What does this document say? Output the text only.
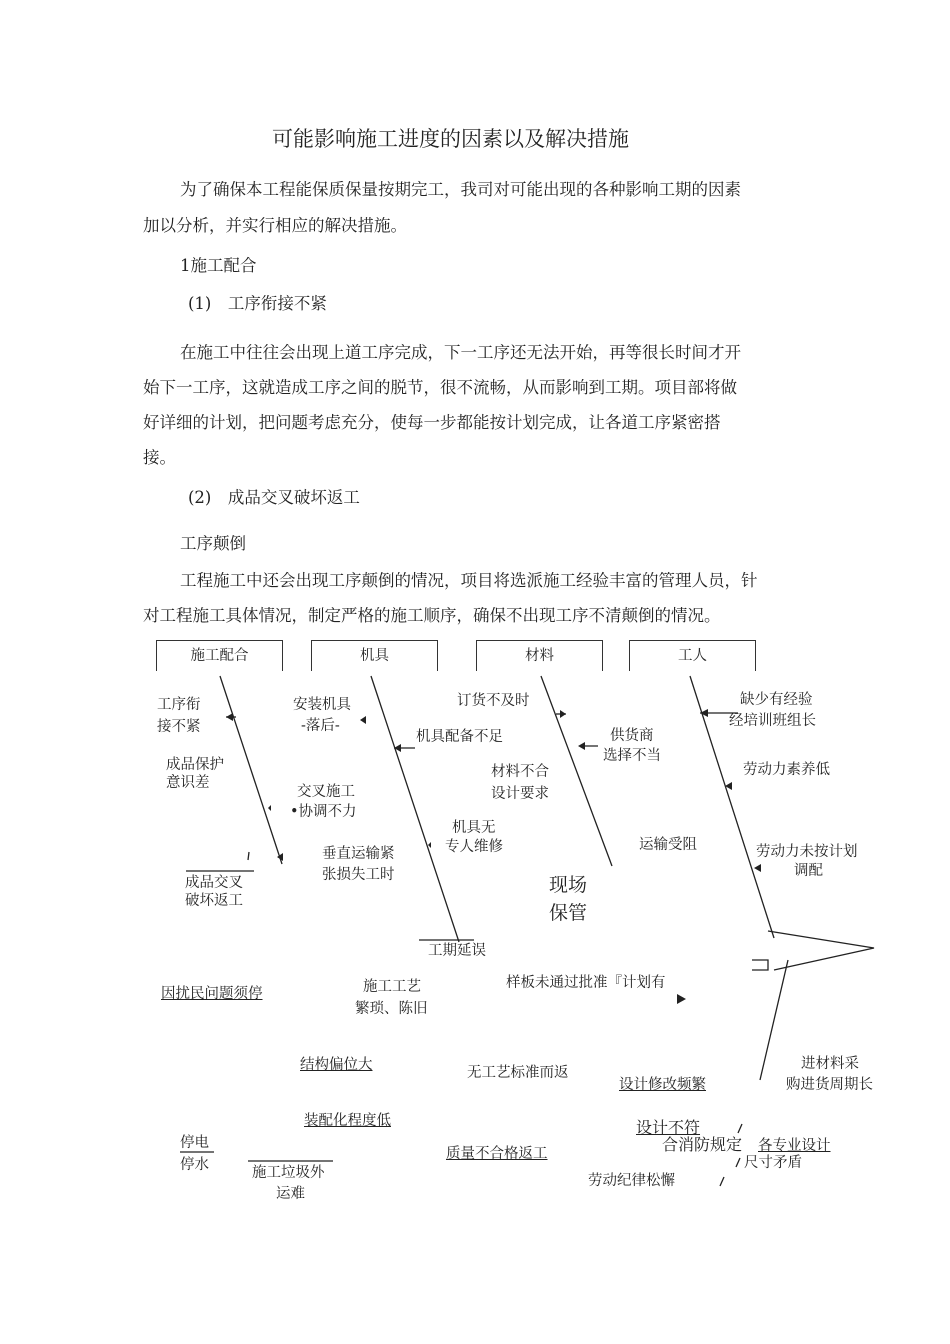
可能影响施工进度的因素以及解决措施
为了确保本工程能保质保量按期完工，我司对可能出现的各种影响工期的因素
加以分析，并实行相应的解决措施。
1施工配合
(1)　工序衔接不紧
在施工中往往会出现上道工序完成，下一工序还无法开始，再等很长时间才开
始下一工序，这就造成工序之间的脱节，很不流畅，从而影响到工期。项目部将做
好详细的计划，把问题考虑充分，使每一步都能按计划完成，让各道工序紧密搭
接。
(2)　成品交叉破坏返工
工序颠倒
工程施工中还会出现工序颠倒的情况，项目将选派施工经验丰富的管理人员，针
对工程施工具体情况，制定严格的施工顺序，确保不出现工序不清颠倒的情况。
施工配合	机具	材料	工人
工序衔
接不紧
成品保护
意识差
成品交叉
破坏返工
安装机具
-落后-
机具配备不足
交叉施工
•协调不力
机具无
专人维修
垂直运输紧
张损失工时
工期延误
订货不及时
供货商
选择不当
材料不合
设计要求
运输受阻
现场
保管
缺少有经验
经培训班组长
劳动力素养低
劳动力未按计划
调配
因扰民问题须停	施工工艺
繁琐、陈旧
样板未通过批准『计划有
结构偏位大	无工艺标准而返
设计修改频繁
进材料采
购进货周期长
装配化程度低	设计不符
合消防规定 各专业设计
尺寸矛盾
停电
停水	施工垃圾外
运难
质量不合格返工
劳动纪律松懈
